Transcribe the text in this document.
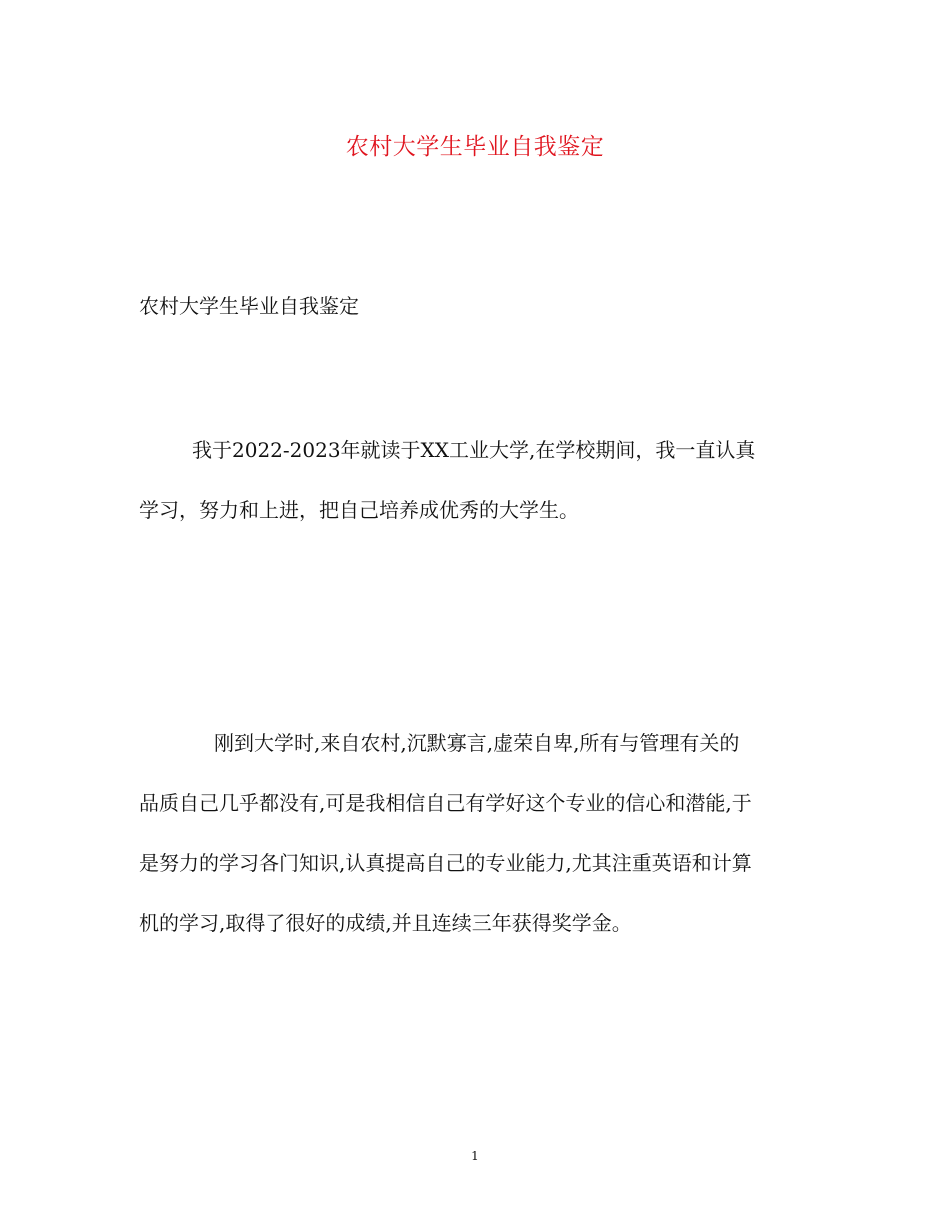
农村大学生毕业自我鉴定
农村大学生毕业自我鉴定

我于2022-2023年就读于XX工业大学,在学校期间，我一直认真
学习，努力和上进，把自己培养成优秀的大学生。

刚到大学时,来自农村,沉默寡言,虚荣自卑,所有与管理有关的
品质自己几乎都没有,可是我相信自己有学好这个专业的信心和潜能,于
是努力的学习各门知识,认真提高自己的专业能力,尤其注重英语和计算
机的学习,取得了很好的成绩,并且连续三年获得奖学金。

1
